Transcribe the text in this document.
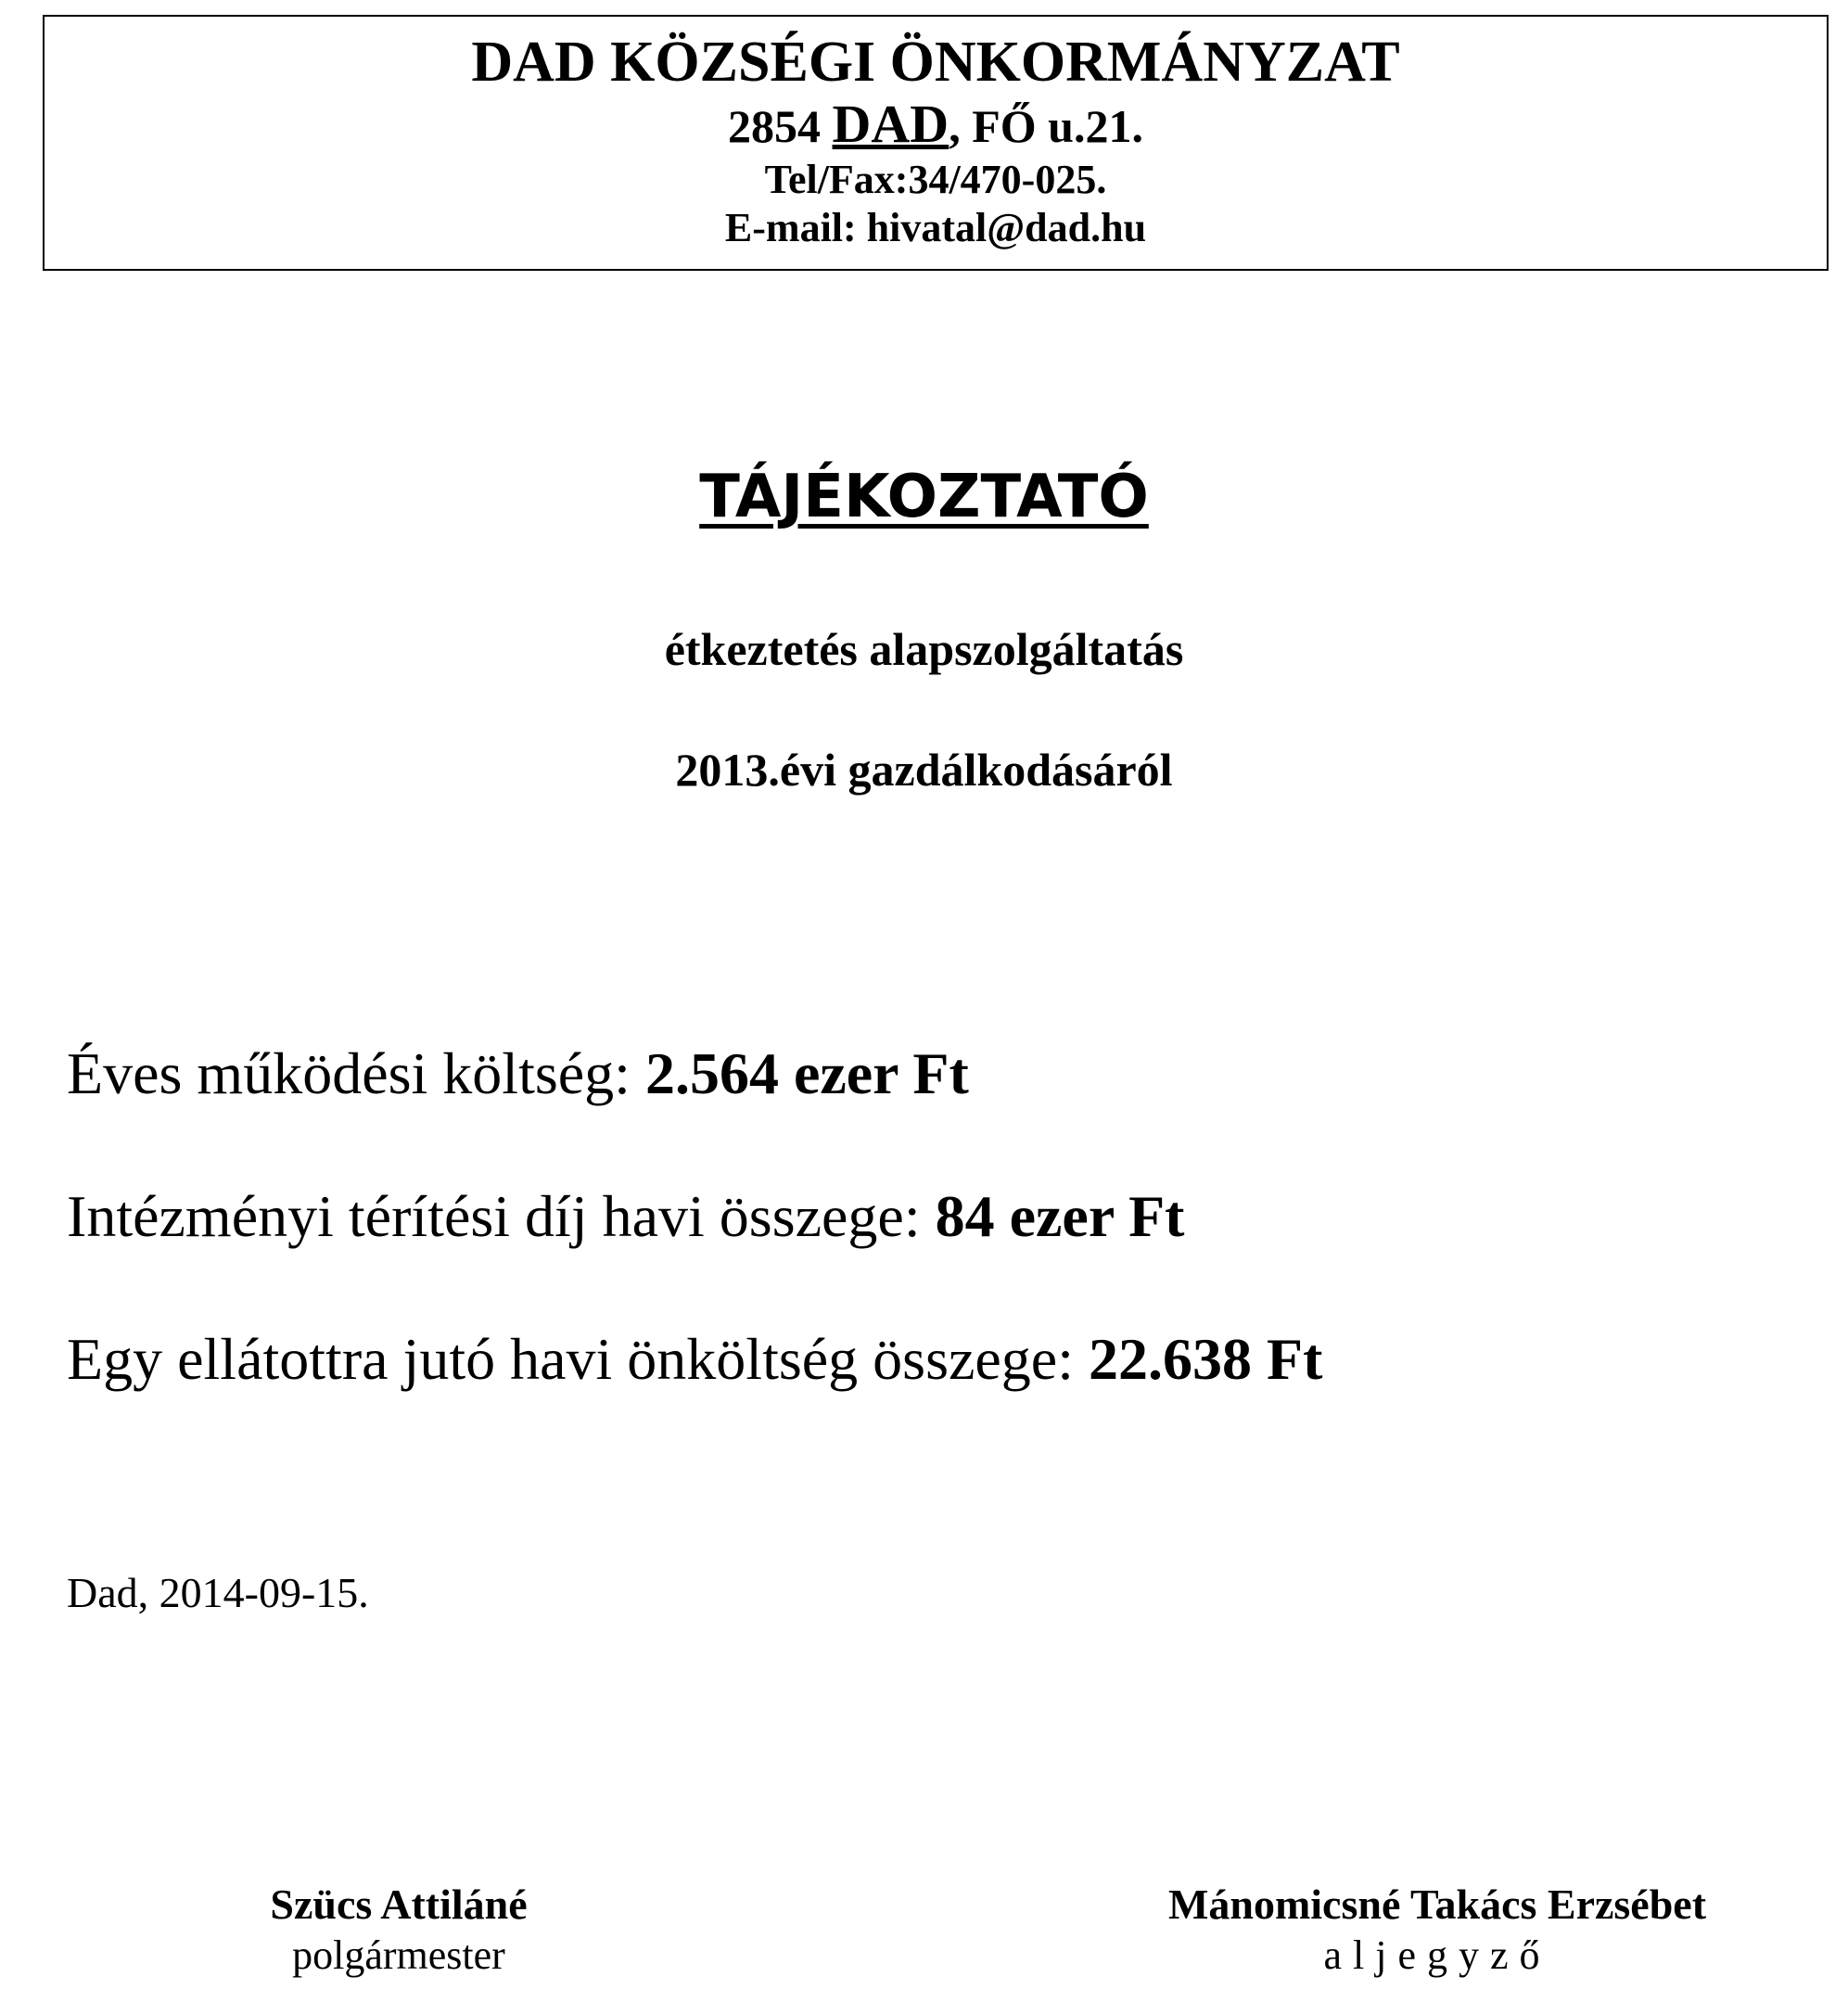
DAD KÖZSÉGI ÖNKORMÁNYZAT
2854 DAD, FŐ u.21.
Tel/Fax:34/470-025.
E-mail: hivatal@dad.hu
TÁJÉKOZTATÓ
étkeztetés alapszolgáltatás
2013.évi gazdálkodásáról
Éves működési költség: 2.564 ezer Ft
Intézményi térítési díj havi összege: 84 ezer Ft
Egy ellátottra jutó havi önköltség összege: 22.638 Ft
Dad, 2014-09-15.
Szücs Attiláné
polgármester
Mánomicsné Takács Erzsébet
aljegyző
